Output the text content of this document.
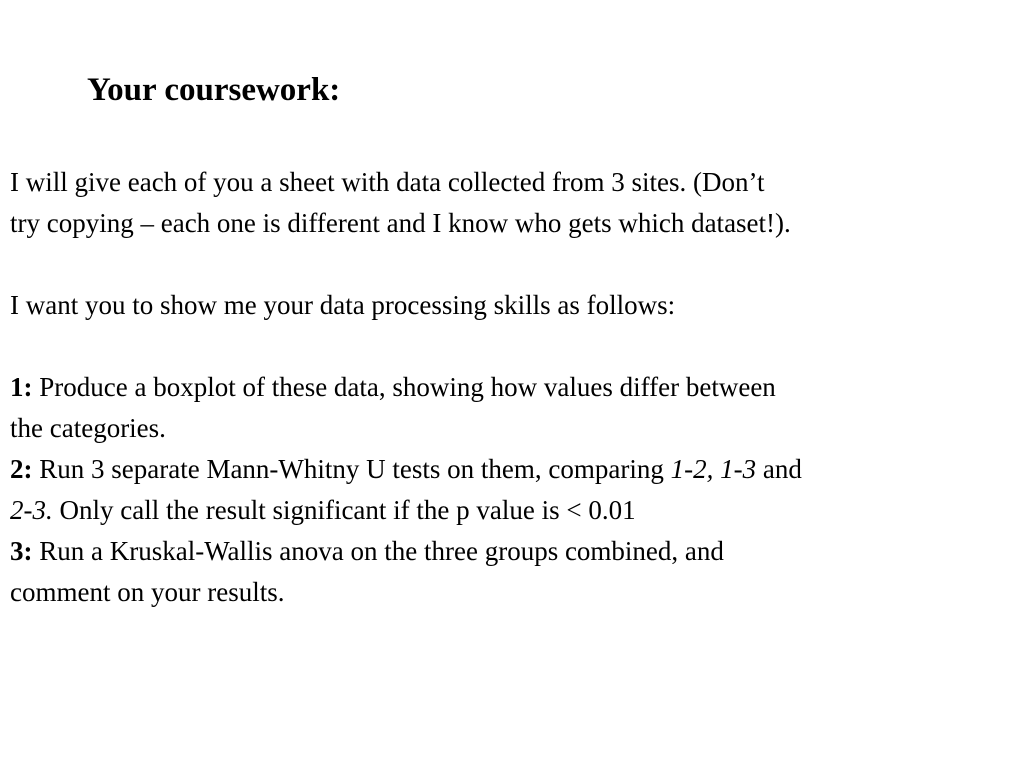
Your coursework:
I will give each of you a sheet with data collected from 3 sites. (Don’t
try copying – each one is different and I know who gets which dataset!).
I want you to show me your data processing skills as follows:
1: Produce a boxplot of these data, showing how values differ between
the categories.
2: Run 3 separate Mann-Whitny U tests on them, comparing 1-2, 1-3 and
2-3. Only call the result significant if the p value is < 0.01
3: Run a Kruskal-Wallis anova on the three groups combined, and
comment on your results.
